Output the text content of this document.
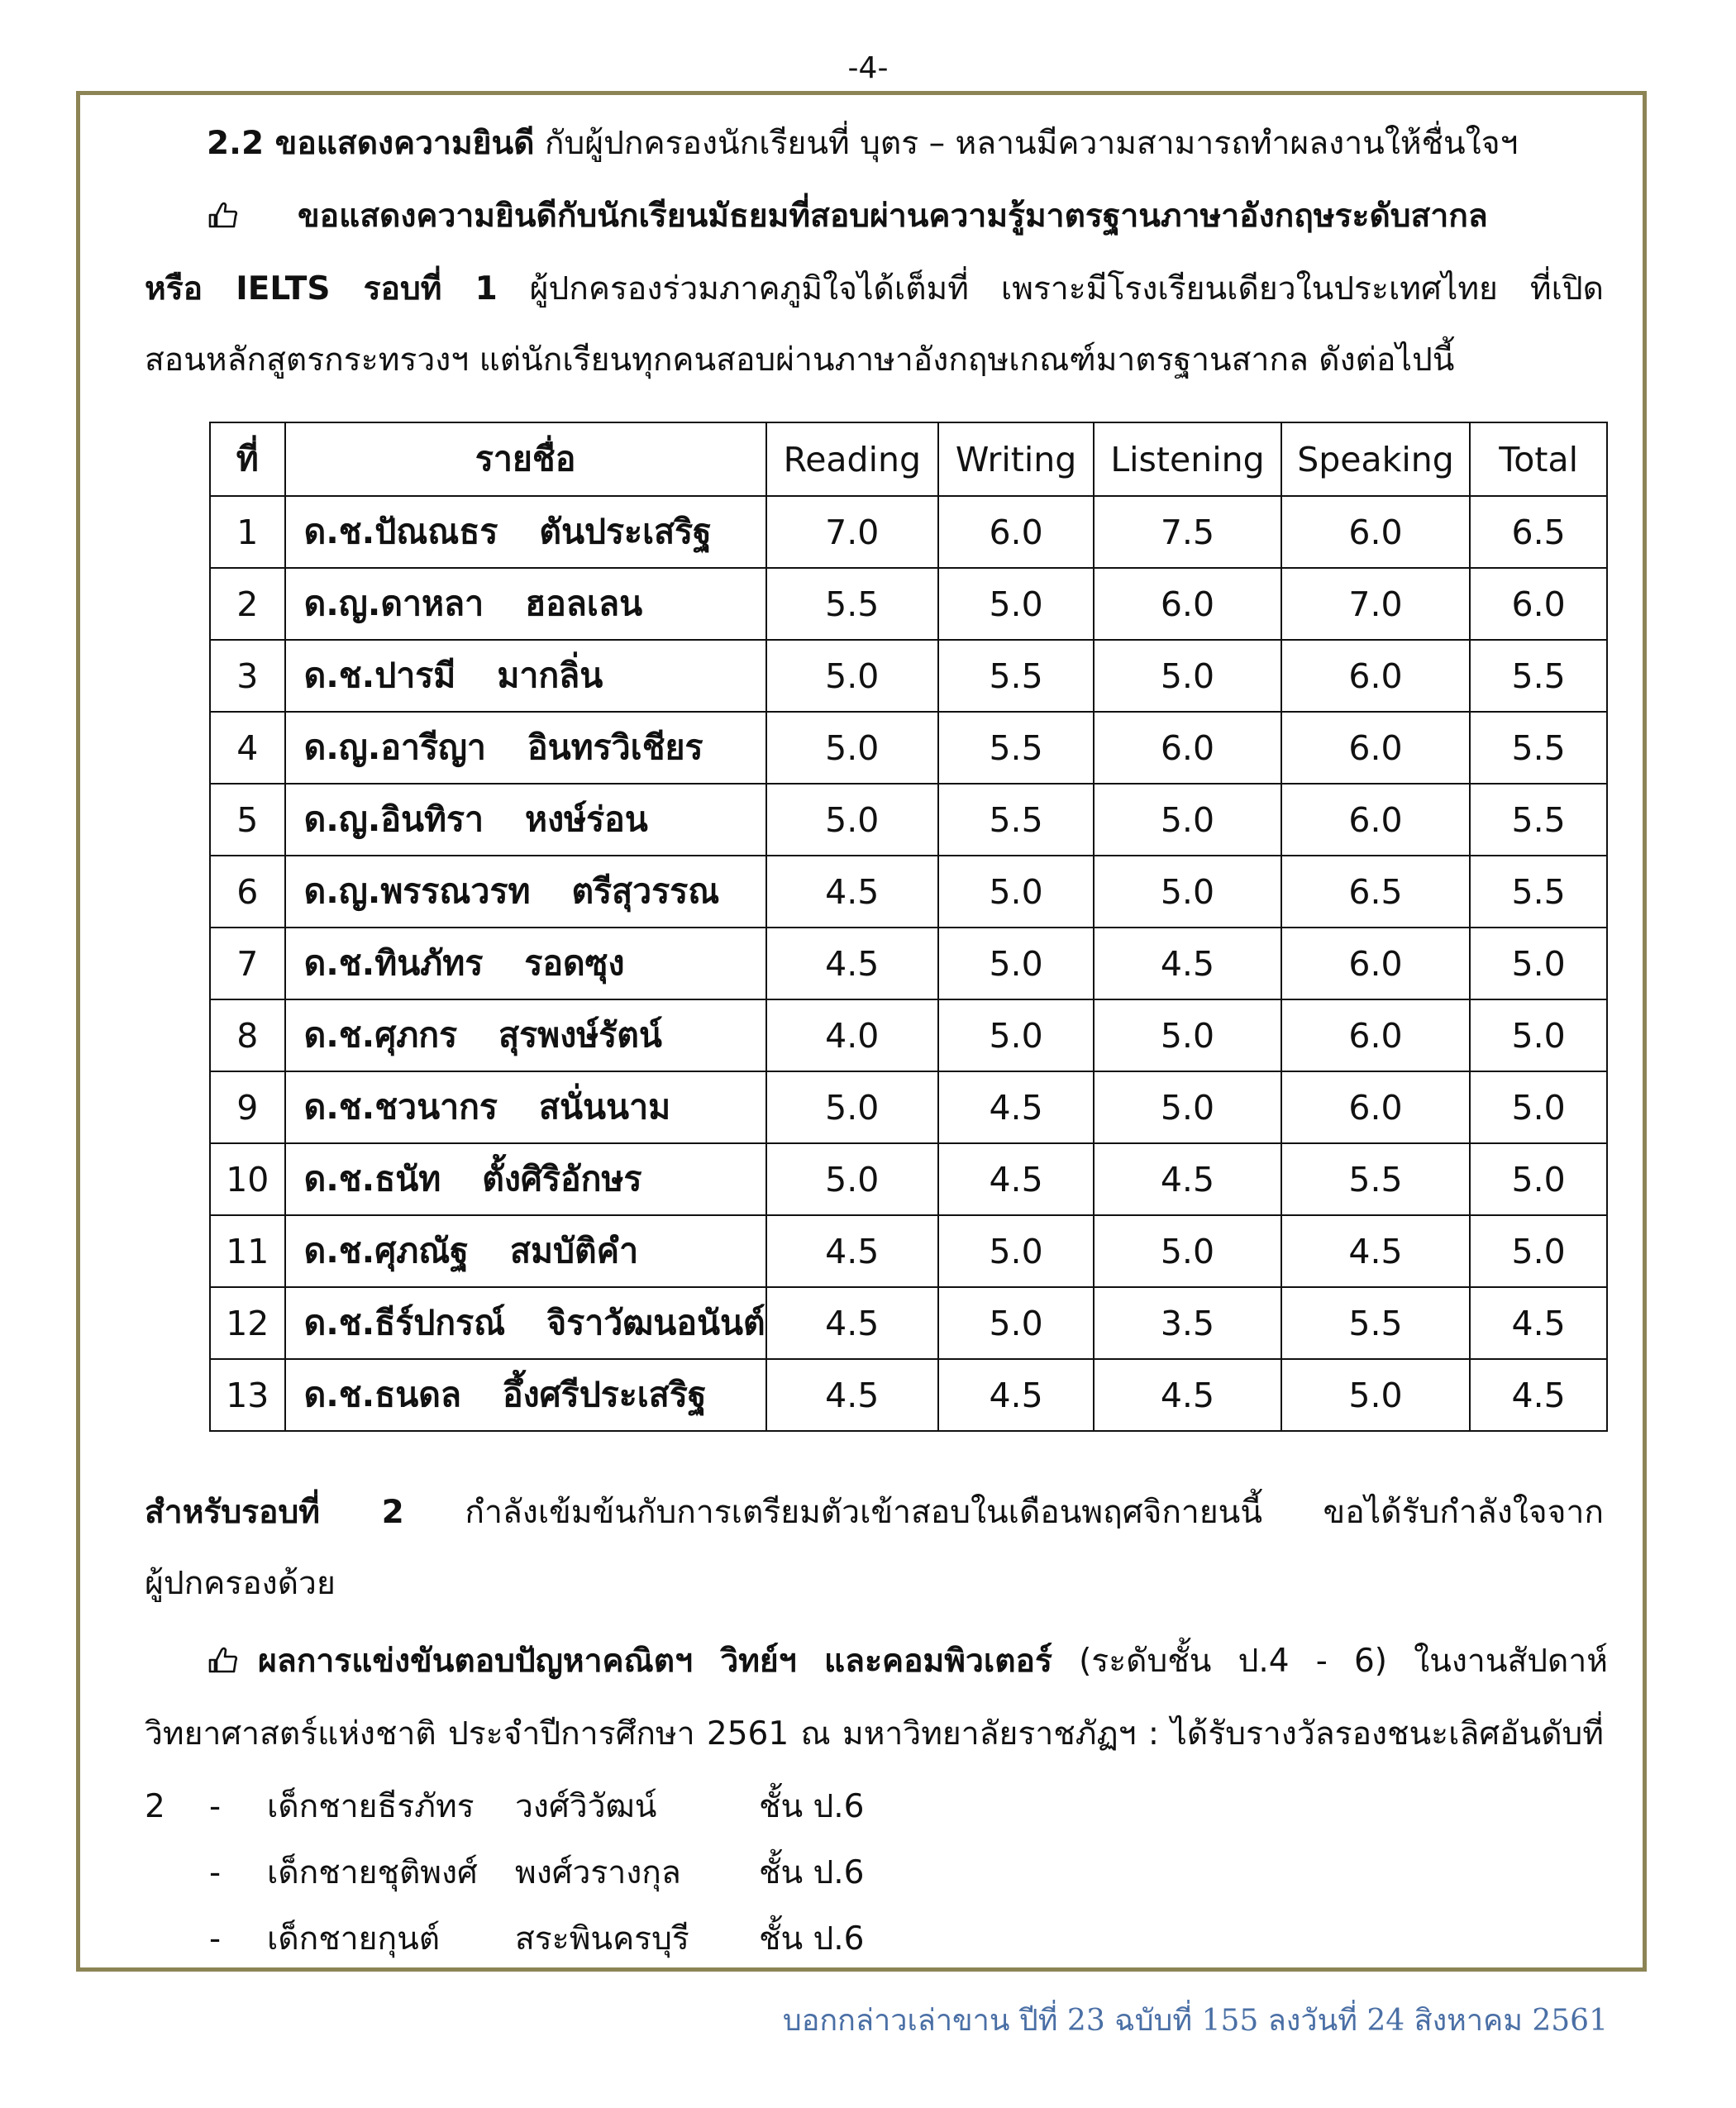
-4-
2.2 ขอแสดงความยินดี กับผู้ปกครองนักเรียนที่ บุตร – หลานมีความสามารถทำผลงานให้ชื่นใจฯ
ขอแสดงความยินดีกับนักเรียนมัธยมที่สอบผ่านความรู้มาตรฐานภาษาอังกฤษระดับสากล
หรือ IELTS รอบที่ 1 ผู้ปกครองร่วมภาคภูมิใจได้เต็มที่ เพราะมีโรงเรียนเดียวในประเทศไทย ที่เปิด
สอนหลักสูตรกระทรวงฯ แต่นักเรียนทุกคนสอบผ่านภาษาอังกฤษเกณฑ์มาตรฐานสากล ดังต่อไปนี้
ที่	รายชื่อ	Reading	Writing	Listening	Speaking	Total
1	ด.ช.ปัณณธร ตันประเสริฐ	7.0	6.0	7.5	6.0	6.5
2	ด.ญ.ดาหลา ฮอลเลน	5.5	5.0	6.0	7.0	6.0
3	ด.ช.ปารมี มากลิ่น	5.0	5.5	5.0	6.0	5.5
4	ด.ญ.อารีญา อินทรวิเชียร	5.0	5.5	6.0	6.0	5.5
5	ด.ญ.อินทิรา หงษ์ร่อน	5.0	5.5	5.0	6.0	5.5
6	ด.ญ.พรรณวรท ตรีสุวรรณ	4.5	5.0	5.0	6.5	5.5
7	ด.ช.ทินภัทร รอดซุง	4.5	5.0	4.5	6.0	5.0
8	ด.ช.ศุภกร สุรพงษ์รัตน์	4.0	5.0	5.0	6.0	5.0
9	ด.ช.ชวนากร สนั่นนาม	5.0	4.5	5.0	6.0	5.0
10	ด.ช.ธนัท ตั้งศิริอักษร	5.0	4.5	4.5	5.5	5.0
11	ด.ช.ศุภณัฐ สมบัติคำ	4.5	5.0	5.0	4.5	5.0
12	ด.ช.ธีร์ปกรณ์ จิราวัฒนอนันต์	4.5	5.0	3.5	5.5	4.5
13	ด.ช.ธนดล อึ้งศรีประเสริฐ	4.5	4.5	4.5	5.0	4.5
สำหรับรอบที่ 2 กำลังเข้มข้นกับการเตรียมตัวเข้าสอบในเดือนพฤศจิกายนนี้ ขอได้รับกำลังใจจาก
ผู้ปกครองด้วย
ผลการแข่งขันตอบปัญหาคณิตฯ วิทย์ฯ และคอมพิวเตอร์ (ระดับชั้น ป.4 - 6) ในงานสัปดาห์
วิทยาศาสตร์แห่งชาติ ประจำปีการศึกษา 2561 ณ มหาวิทยาลัยราชภัฏฯ : ได้รับรางวัลรองชนะเลิศอันดับที่ 2	- เด็กชายธีรภัทร วงศ์วิวัฒน์	ชั้น ป.6
- เด็กชายชุติพงศ์ พงศ์วรางกุล ชั้น ป.6
- เด็กชายกุนต์ สระพินครบุรี ชั้น ป.6
บอกกล่าวเล่าขาน ปีที่ 23 ฉบับที่ 155 ลงวันที่ 24 สิงหาคม 2561
